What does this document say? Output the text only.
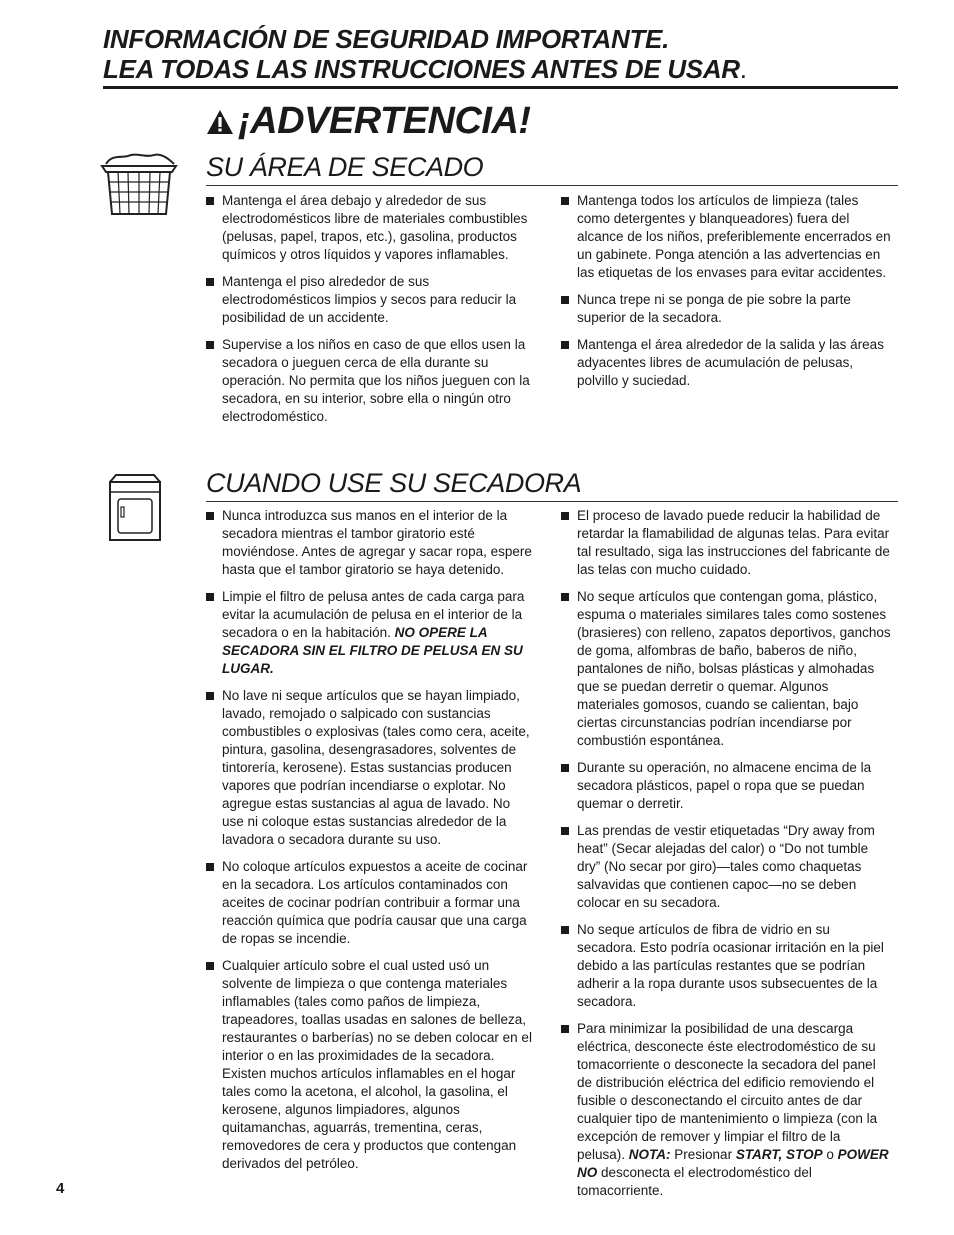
INFORMACIÓN DE SEGURIDAD IMPORTANTE.
LEA TODAS LAS INSTRUCCIONES ANTES DE USAR.
¡ADVERTENCIA!
SU ÁREA DE SECADO
Mantenga el área debajo y alrededor de sus electrodomésticos libre de materiales combustibles (pelusas, papel, trapos, etc.), gasolina, productos químicos y otros líquidos y vapores inflamables.
Mantenga el piso alrededor de sus electrodomésticos limpios y secos para reducir la posibilidad de un accidente.
Supervise a los niños en caso de que ellos usen la secadora o jueguen cerca de ella durante su operación. No permita que los niños jueguen con la secadora, en su interior, sobre ella o ningún otro electrodoméstico.
Mantenga todos los artículos de limpieza (tales como detergentes y blanqueadores) fuera del alcance de los niños, preferiblemente encerrados en un gabinete. Ponga atención a las advertencias en las etiquetas de los envases para evitar accidentes.
Nunca trepe ni se ponga de pie sobre la parte superior de la secadora.
Mantenga el área alrededor de la salida y las áreas adyacentes libres de acumulación de pelusas, polvillo y suciedad.
CUANDO USE SU SECADORA
Nunca introduzca sus manos en el interior de la secadora mientras el tambor giratorio esté moviéndose. Antes de agregar y sacar ropa, espere hasta que el tambor giratorio se haya detenido.
Limpie el filtro de pelusa antes de cada carga para evitar la acumulación de pelusa en el interior de la secadora o en la habitación. NO OPERE LA SECADORA SIN EL FILTRO DE PELUSA EN SU LUGAR.
No lave ni seque artículos que se hayan limpiado, lavado, remojado o salpicado con sustancias combustibles o explosivas (tales como cera, aceite, pintura, gasolina, desengrasadores, solventes de tintorería, kerosene). Estas sustancias producen vapores que podrían incendiarse o explotar. No agregue estas sustancias al agua de lavado. No use ni coloque estas sustancias alrededor de la lavadora o secadora durante su uso.
No coloque artículos expuestos a aceite de cocinar en la secadora. Los artículos contaminados con aceites de cocinar podrían contribuir a formar una reacción química que podría causar que una carga de ropas se incendie.
Cualquier artículo sobre el cual usted usó un solvente de limpieza o que contenga materiales inflamables (tales como paños de limpieza, trapeadores, toallas usadas en salones de belleza, restaurantes o barberías) no se deben colocar en el interior o en las proximidades de la secadora. Existen muchos artículos inflamables en el hogar tales como la acetona, el alcohol, la gasolina, el kerosene, algunos limpiadores, algunos quitamanchas, aguarrás, trementina, ceras, removedores de cera y productos que contengan derivados del petróleo.
El proceso de lavado puede reducir la habilidad de retardar la flamabilidad de algunas telas. Para evitar tal resultado, siga las instrucciones del fabricante de las telas con mucho cuidado.
No seque artículos que contengan goma, plástico, espuma o materiales similares tales como sostenes (brasieres) con relleno, zapatos deportivos, ganchos de goma, alfombras de baño, baberos de niño, pantalones de niño, bolsas plásticas y almohadas que se puedan derretir o quemar. Algunos materiales gomosos, cuando se calientan, bajo ciertas circunstancias podrían incendiarse por combustión espontánea.
Durante su operación, no almacene encima de la secadora plásticos, papel o ropa que se puedan quemar o derretir.
Las prendas de vestir etiquetadas “Dry away from heat” (Secar alejadas del calor) o “Do not tumble dry” (No secar por giro)—tales como chaquetas salvavidas que contienen capoc—no se deben colocar en su secadora.
No seque artículos de fibra de vidrio en su secadora. Esto podría ocasionar irritación en la piel debido a las partículas restantes que se podrían adherir a la ropa durante usos subsecuentes de la secadora.
Para minimizar la posibilidad de una descarga eléctrica, desconecte éste electrodoméstico de su tomacorriente o desconecte la secadora del panel de distribución eléctrica del edificio removiendo el fusible o desconectando el circuito antes de dar cualquier tipo de mantenimiento o limpieza (con la excepción de remover y limpiar el filtro de la pelusa). NOTA: Presionar START, STOP o POWER NO desconecta el electrodoméstico del tomacorriente.
4
